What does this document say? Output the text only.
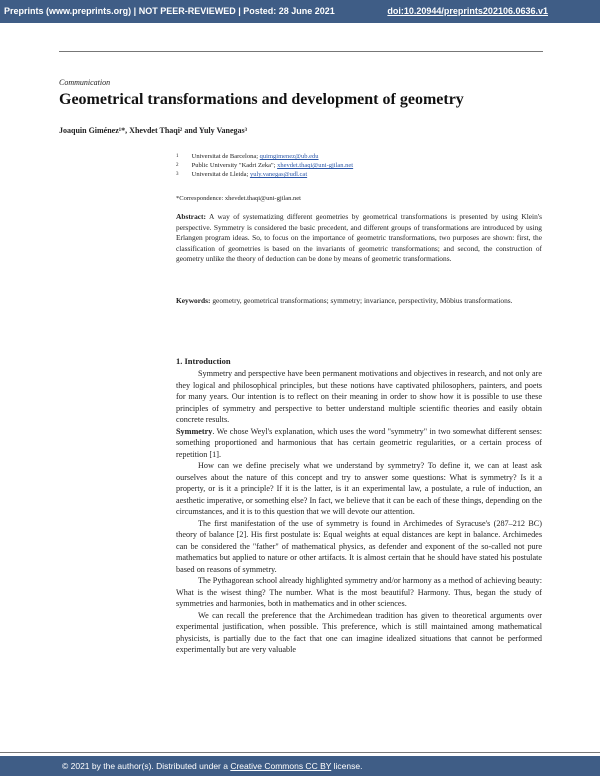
Preprints (www.preprints.org) | NOT PEER-REVIEWED | Posted: 28 June 2021	doi:10.20944/preprints202106.0636.v1
Communication
Geometrical transformations and development of geometry
Joaquin Giménez¹*, Xhevdet Thaqi² and Yuly Vanegas³
1 Universitat de Barcelona; quimgimenez@ub.edu
2 Public University "Kadri Zeka"; xhevdet.thaqi@uni-gjilan.net
3 Universitat de Lleida; yuly.vanegas@udl.cat
*Correspondence: xhevdet.thaqi@uni-gjilan.net
Abstract: A way of systematizing different geometries by geometrical transformations is presented by using Klein's perspective. Symmetry is considered the basic precedent, and different groups of transformations are introduced by using Erlangen program ideas. So, to focus on the importance of geometric transformations, two purposes are shown: first, the classification of geometries is based on the invariants of geometric transformations; and second, the construction of geometry unlike the theory of deduction can be done by means of geometric transformations.
Keywords: geometry, geometrical transformations; symmetry; invariance, perspectivity, Möbius transformations.
1. Introduction

Symmetry and perspective have been permanent motivations and objectives in research, and not only are they logical and philosophical principles, but these notions have captivated philosophers, painters, and poets for many years. Our intention is to reflect on their meaning in order to show how it is possible to use these principles of symmetry and perspective to better understand multiple scientific theories and easily obtain concrete results.

Symmetry. We chose Weyl's explanation, which uses the word "symmetry" in two somewhat different senses: something proportioned and harmonious that has certain geometric regularities, or a certain process of repetition [1].

How can we define precisely what we understand by symmetry? To define it, we can at least ask ourselves about the nature of this concept and try to answer some questions: What is symmetry? Is it a property, or is it a principle? If it is the latter, is it an experimental law, a postulate, a rule of induction, an aesthetic imperative, or something else? In fact, we believe that it can be each of these things, depending on the circumstances, and it is to this question that we will devote our attention.

The first manifestation of the use of symmetry is found in Archimedes of Syracuse's (287–212 BC) theory of balance [2]. His first postulate is: Equal weights at equal distances are kept in balance. Archimedes can be considered the "father" of mathematical physics, as defender and exponent of the so-called not pure mathematics but applied to nature or other artifacts. It is almost certain that he should have stated his postulate based on reasons of symmetry.

The Pythagorean school already highlighted symmetry and/or harmony as a method of achieving beauty: What is the wisest thing? The number. What is the most beautiful? Harmony. Thus, began the study of symmetries and harmonies, both in mathematics and in other sciences.

We can recall the preference that the Archimedean tradition has given to theoretical arguments over experimental justification, when possible. This preference, which is still maintained among mathematical physicists, is partially due to the fact that one can imagine idealized situations that cannot be performed experimentally but are very valuable

© 2021 by the author(s). Distributed under a Creative Commons CC BY license.
